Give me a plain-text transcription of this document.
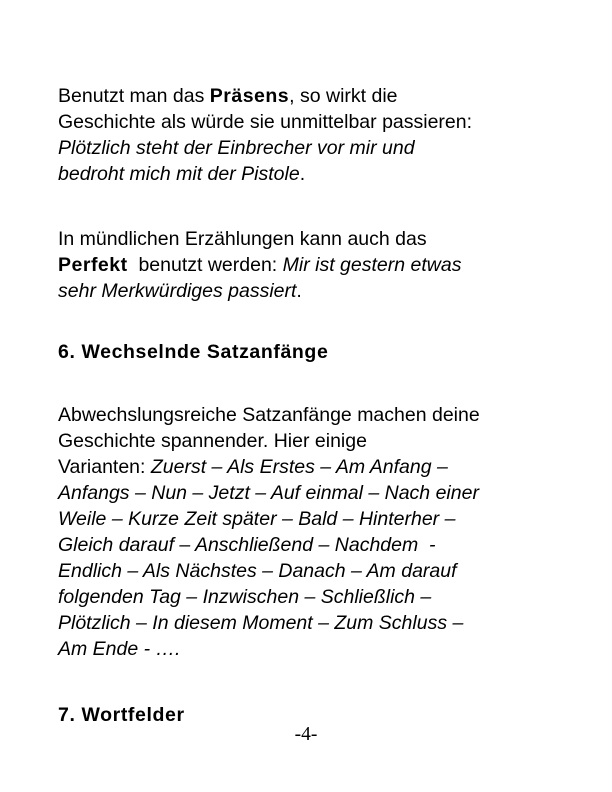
Benutzt man das Präsens, so wirkt die
Geschichte als würde sie unmittelbar passieren:
Plötzlich steht der Einbrecher vor mir und
bedroht mich mit der Pistole.
In mündlichen Erzählungen kann auch das
Perfekt  benutzt werden: Mir ist gestern etwas
sehr Merkwürdiges passiert.
6. Wechselnde Satzanfänge
Abwechslungsreiche Satzanfänge machen deine
Geschichte spannender. Hier einige
Varianten: Zuerst – Als Erstes – Am Anfang –
Anfangs – Nun – Jetzt – Auf einmal – Nach einer
Weile – Kurze Zeit später – Bald – Hinterher –
Gleich darauf – Anschließend – Nachdem  -
Endlich – Als Nächstes – Danach – Am darauf
folgenden Tag – Inzwischen – Schließlich –
Plötzlich – In diesem Moment – Zum Schluss –
Am Ende - ….
7. Wortfelder
-4-
